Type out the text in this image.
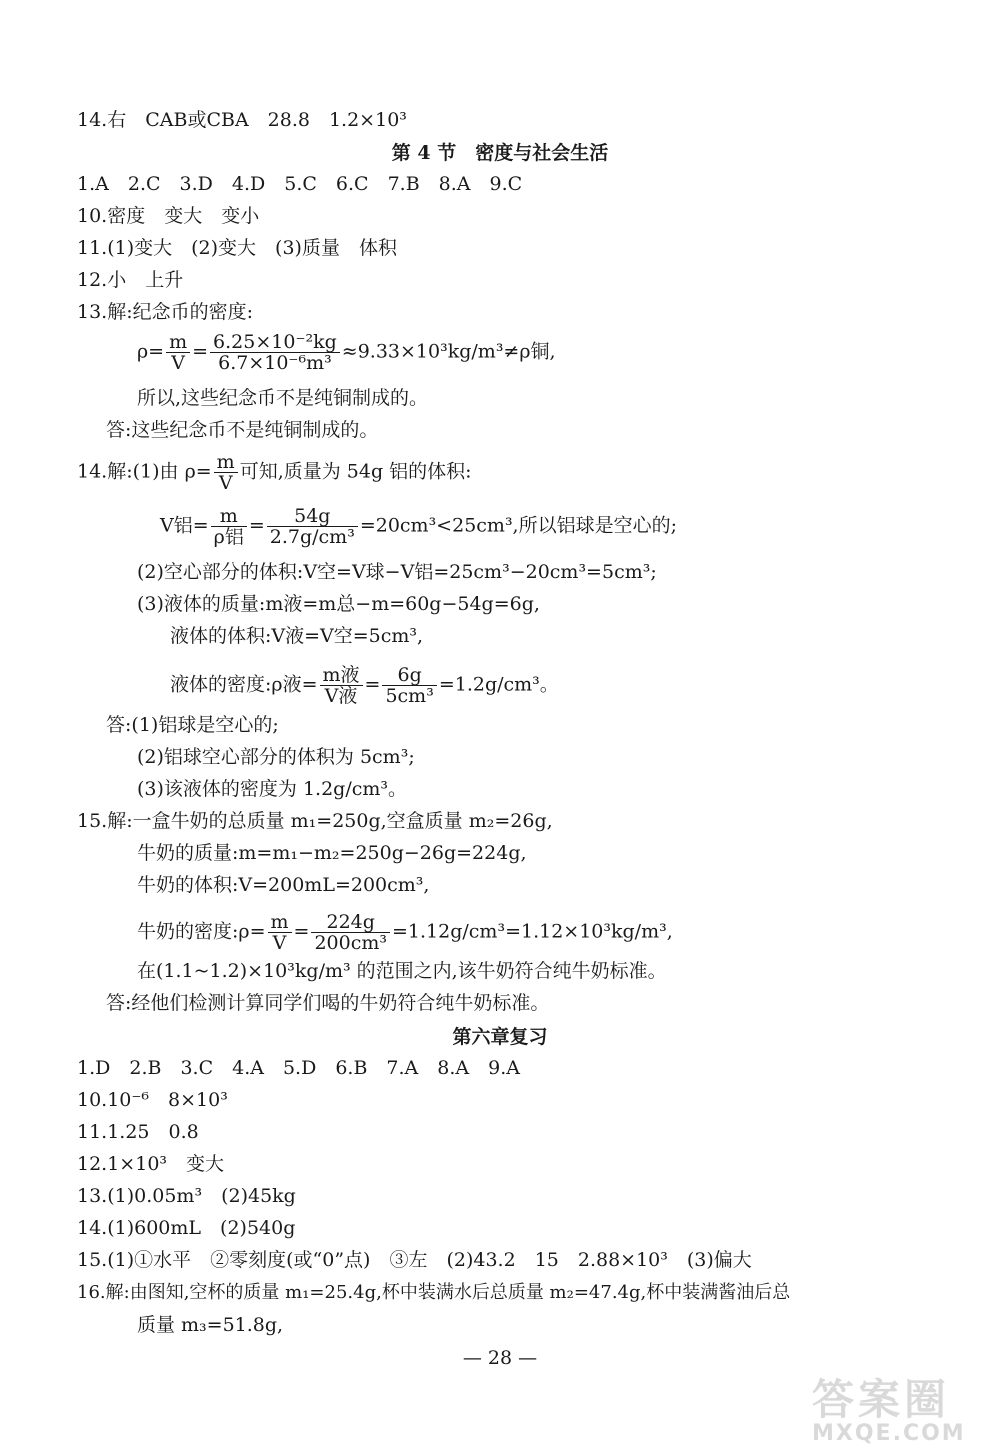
14.右　CAB或CBA　28.8　1.2×10³
第 4 节　密度与社会生活
1.A　2.C　3.D　4.D　5.C　6.C　7.B　8.A　9.C
10.密度　变大　变小
11.(1)变大　(2)变大　(3)质量　体积
12.小　上升
13.解:纪念币的密度:
$\rho= \frac{m}{V} = \frac{\text{6.25×10⁻²kg}}{\text{6.7×10⁻⁶m³}} \approx 9.33\times 10^3kg/m^3\ne\rho$铜,
所以,这些纪念币不是纯铜制成的。
答:这些纪念币不是纯铜制成的。
14.解:(1)由 $\rho= \frac{m}{V}$ 可知,质量为 54g 铝的体积:
V铝= $\frac{m}{\text{ρ铝}} = \frac{54g}{\text{2.7g/cm³}} =20cm^3<25cm^3$,所以铝球是空心的;
(2)空心部分的体积:V空=V球−V铝=25cm³−20cm³=5cm³;
(3)液体的质量:m液=m总−m=60g−54g=6g,
液体的体积:V液=V空=5cm³,
液体的密度:ρ液= $\frac{\text{m液}}{\text{V液}} = \frac{6g}{\text{5cm³}} =1.2g/cm^3$。
答:(1)铝球是空心的;
(2)铝球空心部分的体积为 5cm³;
(3)该液体的密度为 1.2g/cm³。
15.解:一盒牛奶的总质量 m₁=250g,空盒质量 m₂=26g,
牛奶的质量:m=m₁−m₂=250g−26g=224g,
牛奶的体积:V=200mL=200cm³,
牛奶的密度:ρ= $\frac{m}{V} = \frac{224g}{\text{200cm³}} =1.12g/cm^3=1.12\times 10^3kg/m^3$,
在(1.1~1.2)×10³kg/m³ 的范围之内,该牛奶符合纯牛奶标准。
答:经他们检测计算同学们喝的牛奶符合纯牛奶标准。
第六章复习
1.D　2.B　3.C　4.A　5.D　6.B　7.A　8.A　9.A
10.10⁻⁶　8×10³
11.1.25　0.8
12.1×10³　变大
13.(1)0.05m³　(2)45kg
14.(1)600mL　(2)540g
15.(1)①水平　②零刻度(或“0”点)　③左　(2)43.2　15　2.88×10³　(3)偏大
16.解:由图知,空杯的质量 m₁=25.4g,杯中装满水后总质量 m₂=47.4g,杯中装满酱油后总
质量 m₃=51.8g,
— 28 —
答案圈
MXQE.COM
